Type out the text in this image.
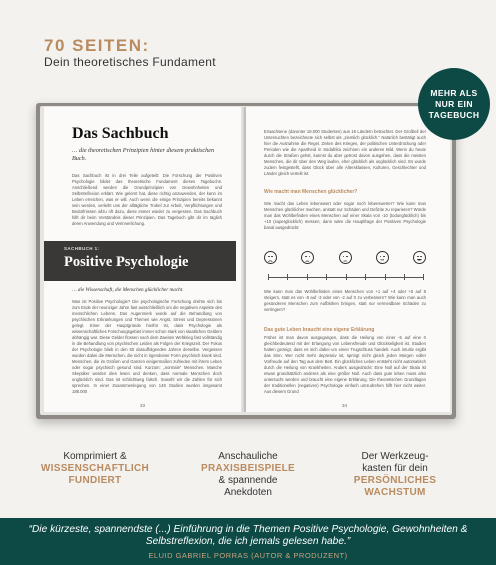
70 SEITEN:
Dein theoretisches Fundament
MEHR ALS
NUR EIN
TAGEBUCH
Das Sachbuch
… die theoretischen Prinzipien hinter diesem praktischen Buch.
Das Sachbuch ist in drei Teile aufgeteilt: Die Forschung der Positiven Psychologie bildet das theoretische Fundament dieses Tagebuchs. Anschließend werden die Grundprinzipien von Gewohnheiten und Selbstreflexion erklärt. Wie gelernt hat, diese richtig anzuwenden, der kann im Leben erreichen, was er will. Auch wenn die einige Prinzipien bereits bekannt sein werden, verleiht uns der alltägliche Trubel zur Arbeit, Verpflichtungen und Bedürfnissen allzu oft dazu, diese immer wieder zu vergessen. Das Sachbuch hilft dir beim Verständnis dieser Prinzipien. Das Tagebuch gibt dir im täglich deren Anwendung und Verinnerlichung.
… die Wissenschaft, die Menschen glücklicher macht.
Was ist Positive Psychologie? Die psychologische Forschung drehte sich bis zum Ende der neunziger Jahre fast ausschließlich um die negativen Aspekte des menschlichen Lebens. Das Augenmerk wurde auf die Behandlung von psychischen Erkrankungen und Themen wie Angst, Stress und Depressionen gelegt. Einer der Hauptgründe hierfür ist, dass Psychologie als wissenschaftliches Forschungsgebiet immer schon stark von staatlichen Geldern abhängig war. Diese Gelder flossen nach dem Zweiten Weltkrieg fast vollständig in die Behandlung von psychischen Leiden als Folgen der Kriegszeit. Der Fokus der Psychologie blieb in den 50 darauffolgenden Jahren derselbe. Vergessen wurden dabei die Menschen, die nicht in irgendeiner Form psychisch krank sind. Menschen, die im Großen und Ganzen einigermaßen zufrieden mit ihrem Leben oder sogar psychisch gesund sind. Kurzum: „normale“ Menschen. Manche Skeptiker werden dies lesen und denken, dass normale Menschen doch unglücklich sind. Das ist schlichtweg falsch. Sowohl wir die Zahlen für sich sprechen. In einer Zusammenlegung von 146 Studien wurden insgesamt 188.000
33
SACHBUCH 1:
Positive Psychologie
Erwachsene (darunter 18.000 Studenten) aus 16 Ländern betrachtet. Der Großteil der Untersuchten bezeichnete sich selbst als „ziemlich glücklich.“ Natürlich bestätigt auch hier die Ausnahme die Regel. Zeiten des Krieges, der politischen Unterdrückung oder Perioden wie die Apartheid in Südafrika zeichnen ein anderes Bild. Wenn du heute durch die Straßen gehst, kannst du aber getrost davon ausgehen, dass die meisten Menschen, die dir über den Weg laufen, eher glücklich als unglücklich sind. Es wurde zudem festgestellt, dass Glück über alle Altersklassen, Kulturen, Geschlechter und Länder gleich verteilt ist.
Wie macht man Menschen glücklicher?
Wie macht das Leben lebenswert oder sogar noch lebenswerter? Wie kann man Menschen glücklicher machen, anstatt nur Schäden und Defizite zu reparieren? Würde man das Wohlbefinden eines Menschen auf einer Skala von -10 (todunglücklich) bis +10 (superglücklich) messen, dann wäre die Hauptfrage der Positiven Psychologie banal ausgedrückt:
Wie kann man das Wohlbefinden eines Menschen von +1 auf +4 oder +5 auf 8 steigern, statt es von -8 auf -3 oder von -2 auf 0 zu verbessern? Wie kann man auch gesünderen Menschen zum Aufblühen bringen, statt nur vermeidbare Schäden zu verringern?
Das gute Leben braucht eine eigene Erklärung
Früher ist man davon ausgegangen, dass die Heilung von einer -5 auf eine 0 gleichbedeutend mit der Erlangung von Lebensfreude und Glückseligkeit ist. Studien hatten gezeigt, dass es sich dabei um einen Trugschluss handelt. Auch intuitiv ergibt das Sinn. Wer nicht mehr depressiv ist, springt nicht gleich jeden Morgen voller Vorfreude auf den Tag aus dem Bett. Ein glückliches Leben entsteht nicht automatisch durch die Heilung von Krankheiten. Anders ausgedrückt: Eine Null auf der Skala ist etwas grundsätzlich anderes als eine größer Null. Auch dass gute leben muss also untersucht werden und braucht eine eigene Erklärung. Die theoretischen Grundlagen der traditionellen (negativen) Psychologie einfach umzudrehen hilft hier nicht weiter. Aus diesem Grund
34
Komprimiert &
WISSENSCHAFTLICH
FUNDIERT
Anschauliche
PRAXISBEISPIELE
& spannende
Anekdoten
Der Werkzeug-
kasten für dein
PERSÖNLICHES
WACHSTUM
“Die kürzeste, spannendste (...) Einführung in die Themen Positive Psychologie, Gewohnheiten & Selbstreflexion, die ich jemals gelesen habe.”
ELUID GABRIEL PORRAS (AUTOR & PRODUZENT)
